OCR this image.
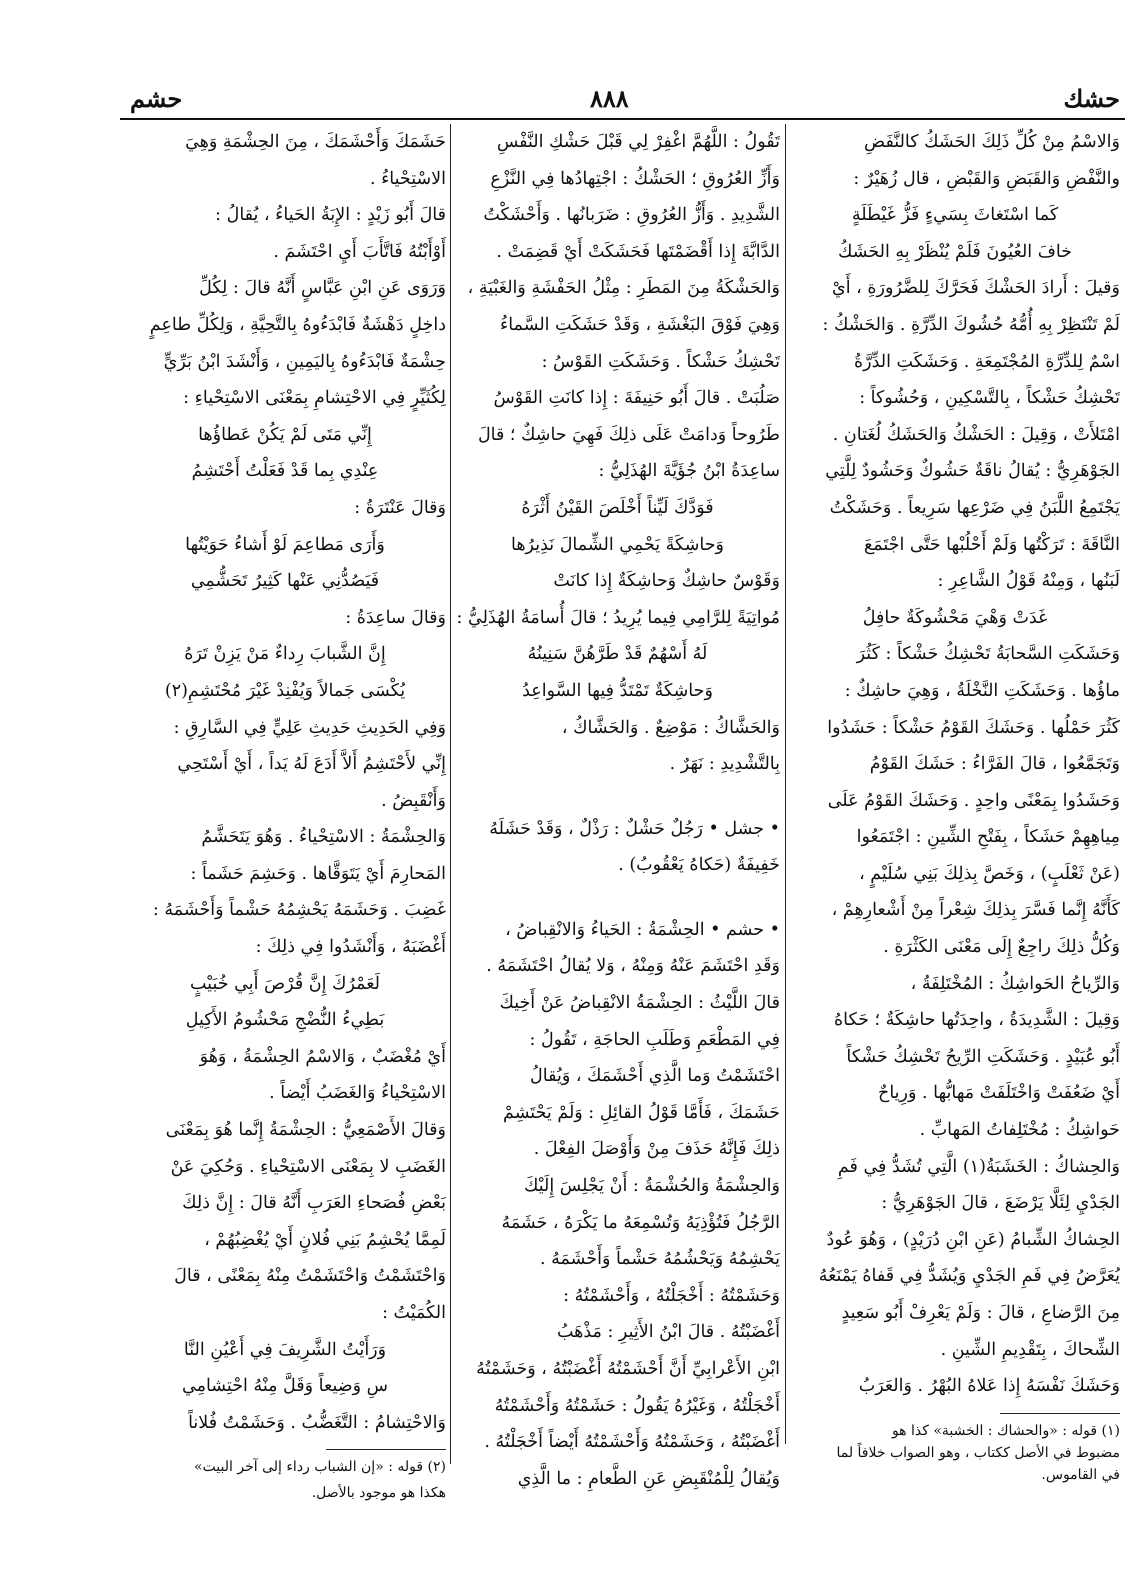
حشم	٨٨٨	حشك

وَالاسْمُ مِنْ كُلِّ ذَلِكَ الحَشَكُ كالنَّفَضِ

والنَّفْضِ وَالقَبَضِ وَالقَبْضِ ، قال زُهَيْرٌ :

كَما اسْتَغاثَ بِسَيءٍ فَزُّ غَيْطَلَةٍ

خافَ العُيُونَ فَلَمْ يُنْظَرْ بِهِ الحَشَكُ

وَقيلَ : أَرادَ الحَشْكَ فَحَرَّكَ لِلضَّرُورَةِ ، أَيْ

لَمْ تَنْتَظِرْ بِهِ أُمُّهُ حُشُوكَ الدِّرَّةِ . وَالحَشْكُ :

اسْمٌ لِلدِّرَّةِ المُجْتَمِعَةِ . وَحَشَكَتِ الدِّرَّةُ

تَحْشِكُ حَشْكاً ، بِالتَّسْكِينِ ، وَحُشُوكاً :

امْتَلأَتْ ، وَقِيلَ : الحَشْكُ وَالحَشَكُ لُغَتانِ .

الجَوْهَرِيُّ : يُقالُ ناقَةٌ حَشُوكٌ وَحَشُودٌ لِلَّتِي

يَجْتَمِعُ اللَّبَنُ فِي ضَرْعِها سَرِيعاً . وَحَشَكْتُ

النَّاقَةَ : تَرَكْتُها وَلَمْ أَحْلُبْها حَتَّى اجْتَمَعَ

لَبَنُها ، وَمِنْهُ قَوْلُ الشَّاعِرِ :

غَدَتْ وَهْيَ مَحْشُوكَةٌ حافِلُ

وَحَشَكَتِ السَّحابَةُ تَحْشِكُ حَشْكاً : كَثُرَ

ماؤُها . وَحَشَكَتِ النَّخْلَةُ ، وَهِيَ حاشِكٌ :

كَثُرَ حَمْلُها . وَحَشَكَ القَوْمُ حَشْكاً : حَشَدُوا

وَتَجَمَّعُوا ، قالَ الفَرَّاءُ : حَشَكَ القَوْمُ

وَحَشَدُوا بِمَعْنًى واحِدٍ . وَحَشَكَ القَوْمُ عَلَى

مِياهِهِمْ حَشَكاً ، بِفَتْحِ الشِّينِ : اجْتَمَعُوا

(عَنْ ثَعْلَبٍ) ، وَخَصَّ بِذلِكَ بَنِي سُلَيْمٍ ،

كَأَنَّهُ إِنَّما فَسَّرَ بِذلِكَ شِعْراً مِنْ أَشْعارِهِمْ ،

وَكُلُّ ذلِكَ راجِعٌ إِلَى مَعْنَى الكَثْرَةِ .

وَالرِّياحُ الحَواشِكُ : المُخْتَلِفَةُ ،

وَقِيلَ : الشَّدِيدَةُ ، واحِدَتُها حاشِكَةٌ ؛ حَكاهُ

أَبُو عُبَيْدٍ . وَحَشَكَتِ الرِّيحُ تَحْشِكُ حَشْكاً

أَيْ ضَعُفَتْ وَاخْتَلَفَتْ مَهابُّها . وَرِياحٌ

حَواشِكُ : مُخْتَلِفاتُ المَهابِّ .

وَالحِشاكُ : الخَشَبَةُ(١) الَّتِي تُشَدُّ فِي فَمِ

الجَدْيِ لِئَلَّا يَرْضَعَ ، قالَ الجَوْهَرِيُّ :

الحِشاكُ الشِّبامُ (عَنِ ابْنِ دُرَيْدٍ) ، وَهُوَ عُودٌ

يُعَرَّضُ فِي فَمِ الجَدْيِ وَيُشَدُّ فِي قَفاهُ يَمْنَعُهُ

مِنَ الرَّضاعِ ، قالَ : وَلَمْ يَعْرِفْ أَبُو سَعِيدٍ

الشِّحاكَ ، بِتَقْدِيمِ الشِّينِ .

وَحَشَكَ نَفْسَهُ إِذا عَلاهُ البُهْرُ . وَالعَرَبُ

(١) قوله : «والحشاك : الخشبة» كذا هو

مضبوط في الأصل ككتاب ، وهو الصواب خلافاً لما

في القاموس.

تَقُولُ : اللَّهُمَّ اغْفِرْ لِي قَبْلَ حَشْكِ النَّفْسِ

وَأَزِّ العُرُوقِ ؛ الحَشْكُ : اجْتِهادُها فِي النَّزْعِ

الشَّدِيدِ . وَأَزُّ العُرُوقِ : ضَرَبانُها . وَأَحْشَكْتُ

الدَّابَّةَ إِذا أَقْضَمْتَها فَحَشَكَتْ أَيْ قَضِمَتْ .

وَالحَشْكَةُ مِنَ المَطَرِ : مِثْلُ الحَفْشَةِ وَالغَبْيَةِ ،

وَهِيَ فَوْقَ البَغْشَةِ ، وَقَدْ حَشَكَتِ السَّماءُ

تَحْشِكُ حَشْكاً . وَحَشَكَتِ القَوْسُ :

صَلُبَتْ . قالَ أَبُو حَنِيفَةَ : إِذا كانَتِ القَوْسُ

طَرُوحاً وَدامَتْ عَلَى ذلِكَ فَهِيَ حاشِكٌ ؛ قالَ

ساعِدَةُ ابْنُ جُؤَيَّةَ الهُذَلِيُّ :

فَوَدَّكَ لَيِّناً أَخْلَصَ القَيْنُ أَثْرَهُ

وَحاشِكَةً يَحْمِي الشِّمالَ نَذِيرُها

وَقَوْسٌ حاشِكٌ وَحاشِكَةٌ إِذا كانَتْ

مُواتِيَةً لِلرَّامِي فِيما يُرِيدُ ؛ قالَ أُسامَةُ الهُذَلِيُّ :

لَهُ أَسْهُمٌ قَدْ طَرَّهُنَّ سَنِينُهُ

وَحاشِكَةٌ تَمْتَدُّ فِيها السَّواعِدُ

وَالحَشَّاكُ : مَوْضِعٌ . وَالحَشَّاكُ ،

بِالتَّشْدِيدِ : نَهَرٌ .

• جشل • رَجُلٌ حَشْلٌ : رَذْلٌ ، وَقَدْ حَشَلَهُ

خَفِيفَةٌ (حَكاهُ يَعْقُوبُ) .

• حشم • الحِشْمَةُ : الحَياءُ وَالانْقِباضُ ،

وَقَدِ احْتَشَمَ عَنْهُ وَمِنْهُ ، وَلا يُقالُ احْتَشَمَهُ .

قالَ اللَّيْثُ : الحِشْمَةُ الانْقِباضُ عَنْ أَخِيكَ

فِي المَطْعَمِ وَطَلَبِ الحاجَةِ ، تَقُولُ :

احْتَشَمْتُ وَما الَّذِي أَحْشَمَكَ ، وَيُقالُ

حَشَمَكَ ، فَأَمَّا قَوْلُ القائِلِ : وَلَمْ يَحْتَشِمْ

ذلِكَ فَإِنَّهُ حَذَفَ مِنْ وَأَوْصَلَ الفِعْلَ .

وَالحِشْمَةُ وَالحُشْمَةُ : أَنْ يَجْلِسَ إِلَيْكَ

الرَّجُلُ فَتُؤْذِيَهُ وَتُسْمِعَهُ ما يَكْرَهُ ، حَشَمَهُ

يَحْشِمُهُ وَيَحْشُمُهُ حَشْماً وَأَحْشَمَهُ .

وَحَشَمْتُهُ : أَخْجَلْتُهُ ، وَأَحْشَمْتُهُ :

أَغْضَبْتُهُ . قالَ ابْنُ الأَثِيرِ : مَذْهَبُ

ابْنِ الأَعْرابِيِّ أَنَّ أَحْشَمْتُهُ أَغْضَبْتُهُ ، وَحَشَمْتُهُ

أَخْجَلْتُهُ ، وَغَيْرُهُ يَقُولُ : حَشَمْتُهُ وَأَحْشَمْتُهُ

أَغْضَبْتُهُ ، وَحَشَمْتُهُ وَأَحْشَمْتُهُ أَيْضاً أَخْجَلْتُهُ .

وَيُقالُ لِلْمُنْقَبِضِ عَنِ الطَّعامِ : ما الَّذِي

حَشَمَكَ وَأَحْشَمَكَ ، مِنَ الحِشْمَةِ وَهِيَ

الاسْتِحْياءُ .

قالَ أَبُو زَيْدٍ : الإِبَةُ الحَياءُ ، يُقالُ :

أَوْأَبْتُهُ فَاتَّأَبَ أَيِ احْتَشَمَ .

وَرَوَى عَنِ ابْنِ عَبَّاسٍ أَنَّهُ قالَ : لِكُلِّ

داخِلٍ دَهْشَةٌ فَابْدَءُوهُ بِالتَّحِيَّةِ ، وَلِكُلِّ طاعِمٍ

حِشْمَةٌ فَابْدَءُوهُ بِاليَمِينِ ، وَأَنْشَدَ ابْنُ بَرِّيٍّ

لِكُثَيِّرٍ فِي الاحْتِشامِ بِمَعْنَى الاسْتِحْياءِ :

إِنِّي مَتَى لَمْ يَكُنْ عَطاؤُها

عِنْدِي بِما قَدْ فَعَلْتُ أَحْتَشِمُ

وَقالَ عَنْتَرَةُ :

وَأَرَى مَطاعِمَ لَوْ أَشاءُ حَوَيْتُها

فَيَصُدُّنِي عَنْها كَثِيرُ تَحَشُّمِي

وَقالَ ساعِدَةُ :

إِنَّ الشَّبابَ رِداءٌ مَنْ يَزِنْ تَرَهُ

يُكْسَى جَمالاً وَيُفْنِدْ غَيْرَ مُحْتَشِمِ(٢)

وَفِي الحَدِيثِ حَدِيثِ عَلِيٍّ فِي السَّارِقِ :

إِنِّي لأَحْتَشِمُ أَلاَّ أَدَعَ لَهُ يَداً ، أَيْ أَسْتَحِي

وَأَنْقَبِضُ .

وَالحِشْمَةُ : الاسْتِحْياءُ . وَهُوَ يَتَحَشَّمُ

المَحارِمَ أَيْ يَتَوَقَّاها . وَحَشِمَ حَشَماً :

غَضِبَ . وَحَشَمَهُ يَحْشِمُهُ حَشْماً وَأَحْشَمَهُ :

أَغْضَبَهُ ، وَأَنْشَدُوا فِي ذلِكَ :

لَعَمْرُكَ إِنَّ قُرْصَ أَبِي خُبَيْبٍ

بَطِيءُ النُّضْجِ مَحْشُومُ الأَكِيلِ

أَيْ مُغْضَبٌ ، وَالاسْمُ الحِشْمَةُ ، وَهُوَ

الاسْتِحْياءُ وَالغَضَبُ أَيْضاً .

وَقالَ الأَصْمَعِيُّ : الحِشْمَةُ إِنَّما هُوَ بِمَعْنَى

الغَضَبِ لا بِمَعْنَى الاسْتِحْياءِ . وَحُكِيَ عَنْ

بَعْضِ فُصَحاءِ العَرَبِ أَنَّهُ قالَ : إِنَّ ذلِكَ

لَمِمَّا يُحْشِمُ بَنِي فُلانٍ أَيْ يُغْضِبُهُمْ ،

وَاحْتَشَمْتُ وَاحْتَشَمْتُ مِنْهُ بِمَعْنًى ، قالَ

الكُمَيْتُ :

وَرَأَيْتُ الشَّرِيفَ فِي أَعْيُنِ النَّا

سِ وَضِيعاً وَقَلَّ مِنْهُ احْتِشامِي

وَالاحْتِشامُ : التَّغَضُّبُ . وَحَشَمْتُ فُلاناً

(٢) قوله : «إن الشباب رداء إلى آخر البيت»

هكذا هو موجود بالأصل.
